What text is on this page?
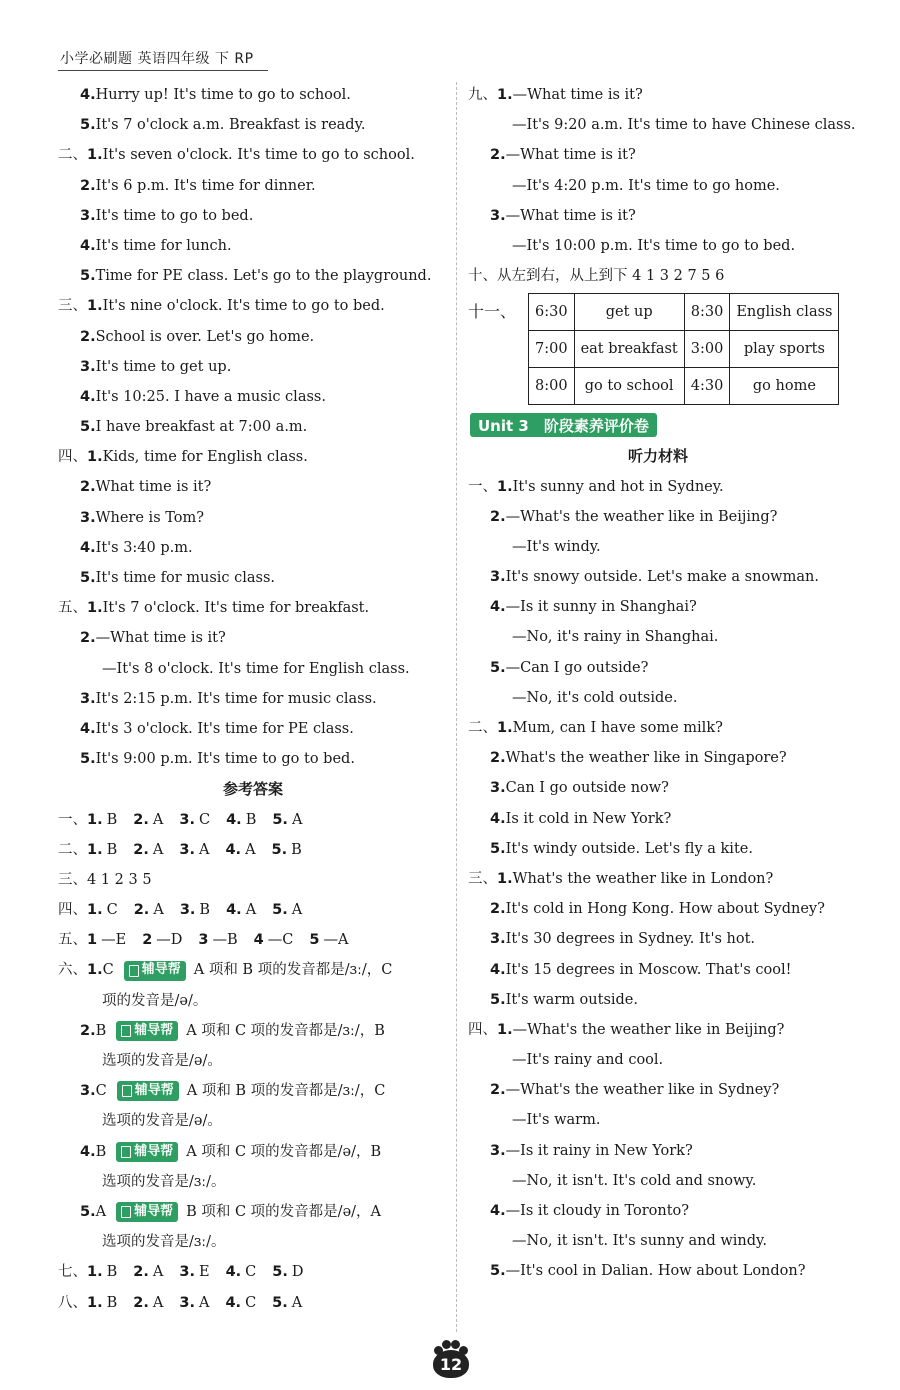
小学必刷题 英语四年级 下 RP
4. Hurry up! It's time to go to school.
5. It's 7 o'clock a.m. Breakfast is ready.
二、 1. It's seven o'clock. It's time to go to school.
2. It's 6 p.m. It's time for dinner.
3. It's time to go to bed.
4. It's time for lunch.
5. Time for PE class. Let's go to the playground.
三、 1. It's nine o'clock. It's time to go to bed.
2. School is over. Let's go home.
3. It's time to get up.
4. It's 10:25. I have a music class.
5. I have breakfast at 7:00 a.m.
四、 1. Kids, time for English class.
2. What time is it?
3. Where is Tom?
4. It's 3:40 p.m.
5. It's time for music class.
五、 1. It's 7 o'clock. It's time for breakfast.
2. —What time is it?
—It's 8 o'clock. It's time for English class.
3. It's 2:15 p.m. It's time for music class.
4. It's 3 o'clock. It's time for PE class.
5. It's 9:00 p.m. It's time to go to bed.
参考答案
一、 1. B 2. A 3. C 4. B 5. A
二、 1. B 2. A 3. A 4. A 5. B
三、 4 1 2 3 5
四、 1. C 2. A 3. B 4. A 5. A
五、 1 —E 2 —D 3 —B 4 —C 5 —A
六、 1. C 辅导帮 A 项和 B 项的发音都是/ɜː/，C
项的发音是/ə/。
2. B 辅导帮 A 项和 C 项的发音都是/ɜː/，B
选项的发音是/ə/。
3. C 辅导帮 A 项和 B 项的发音都是/ɜː/，C
选项的发音是/ə/。
4. B 辅导帮 A 项和 C 项的发音都是/ə/，B
选项的发音是/ɜː/。
5. A 辅导帮 B 项和 C 项的发音都是/ə/，A
选项的发音是/ɜː/。
七、 1. B 2. A 3. E 4. C 5. D
八、 1. B 2. A 3. A 4. C 5. A
九、 1. —What time is it?
—It's 9:20 a.m. It's time to have Chinese class.
2. —What time is it?
—It's 4:20 p.m. It's time to go home.
3. —What time is it?
—It's 10:00 p.m. It's time to go to bed.
十、 从左到右，从上到下 4 1 3 2 7 5 6
十一、 6:30	get up	8:30	English class
7:00	eat breakfast	3:00	play sports
8:00	go to school	4:30	go home
Unit 3　阶段素养评价卷
听力材料
一、 1. It's sunny and hot in Sydney.
2. —What's the weather like in Beijing?
—It's windy.
3. It's snowy outside. Let's make a snowman.
4. —Is it sunny in Shanghai?
—No, it's rainy in Shanghai.
5. —Can I go outside?
—No, it's cold outside.
二、 1. Mum, can I have some milk?
2. What's the weather like in Singapore?
3. Can I go outside now?
4. Is it cold in New York?
5. It's windy outside. Let's fly a kite.
三、 1. What's the weather like in London?
2. It's cold in Hong Kong. How about Sydney?
3. It's 30 degrees in Sydney. It's hot.
4. It's 15 degrees in Moscow. That's cool!
5. It's warm outside.
四、 1. —What's the weather like in Beijing?
—It's rainy and cool.
2. —What's the weather like in Sydney?
—It's warm.
3. —Is it rainy in New York?
—No, it isn't. It's cold and snowy.
4. —Is it cloudy in Toronto?
—No, it isn't. It's sunny and windy.
5. —It's cool in Dalian. How about London?
12
